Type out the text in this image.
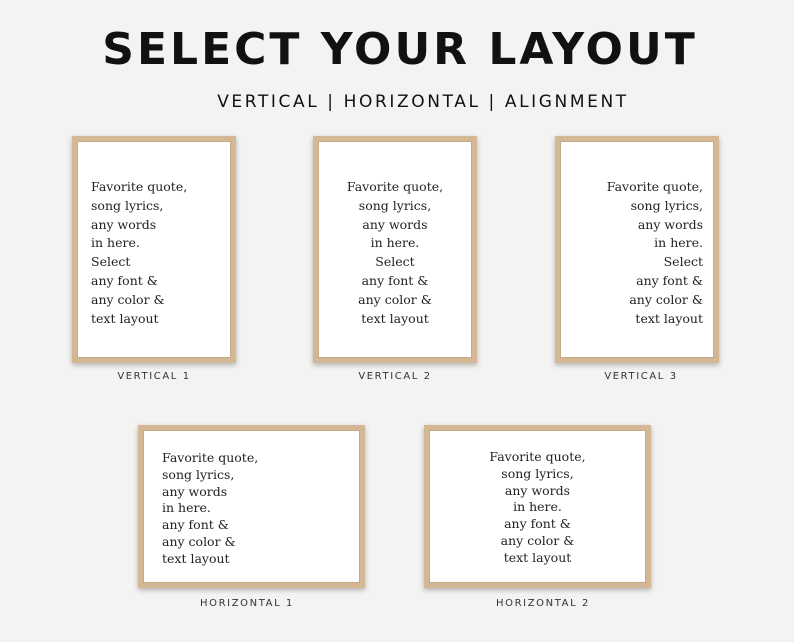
SELECT YOUR LAYOUT
VERTICAL | HORIZONTAL | ALIGNMENT
Favorite quote,
song lyrics,
any words
in here.
Select
any font &
any color &
text layout
VERTICAL 1
Favorite quote,
song lyrics,
any words
in here.
Select
any font &
any color &
text layout
VERTICAL 2
Favorite quote,
song lyrics,
any words
in here.
Select
any font &
any color &
text layout
VERTICAL 3
Favorite quote,
song lyrics,
any words
in here.
any font &
any color &
text layout
HORIZONTAL 1
Favorite quote,
song lyrics,
any words
in here.
any font &
any color &
text layout
HORIZONTAL 2
